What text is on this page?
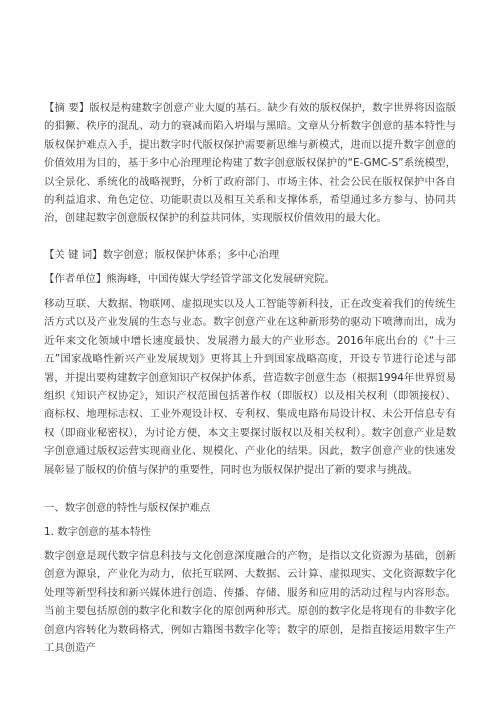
【摘 要】版权是构建数字创意产业大厦的基石。缺少有效的版权保护，数字世界将因盗版的猖獗、秩序的混乱、动力的衰减而陷入坍塌与黑暗。文章从分析数字创意的基本特性与版权保护难点入手，提出数字时代版权保护需要新思维与新模式，进而以提升数字创意的价值效用为目的，基于多中心治理理论构建了数字创意版权保护的“E-GMC-S”系统模型，以全景化、系统化的战略视野，分析了政府部门、市场主体、社会公民在版权保护中各自的利益追求、角色定位、功能职责以及相互关系和支撑体系，希望通过多方参与、协同共治，创建起数字创意版权保护的利益共同体，实现版权价值效用的最大化。

【关 键 词】数字创意；版权保护体系；多中心治理

【作者单位】熊海峰，中国传媒大学经管学部文化发展研究院。

移动互联、大数据、物联网、虚拟现实以及人工智能等新科技，正在改变着我们的传统生活方式以及产业发展的生态与业态。数字创意产业在这种新形势的驱动下喷薄而出，成为近年来文化领域中增长速度最快、发展潜力最大的产业形态。2016年底出台的《“十三五”国家战略性新兴产业发展规划》更将其上升到国家战略高度，开设专节进行论述与部署，并提出要构建数字创意知识产权保护体系，营造数字创意生态（根据1994年世界贸易组织《知识产权协定》，知识产权范围包括著作权（即版权）以及相关权利（即领接权）、商标权、地理标志权、工业外观设计权、专利权、集成电路布局设计权、未公开信息专有权（即商业秘密权），为讨论方便，本文主要探讨版权以及相关权利）。数字创意产业是数字创意通过版权运营实现商业化、规模化、产业化的结果。因此，数字创意产业的快速发展彰显了版权的价值与保护的重要性，同时也为版权保护提出了新的要求与挑战。

一、数字创意的特性与版权保护难点

1. 数字创意的基本特性

数字创意是现代数字信息科技与文化创意深度融合的产物，是指以文化资源为基础，创新创意为源泉，产业化为动力，依托互联网、大数据、云计算、虚拟现实、文化资源数字化处理等新型科技和新兴媒体进行创造、传播、存储、服务和应用的活动过程与内容形态。当前主要包括原创的数字化和数字化的原创两种形式。原创的数字化是将现有的非数字化创意内容转化为数码格式，例如古籍图书数字化等；数字的原创，是指直接运用数字生产工具创造产
